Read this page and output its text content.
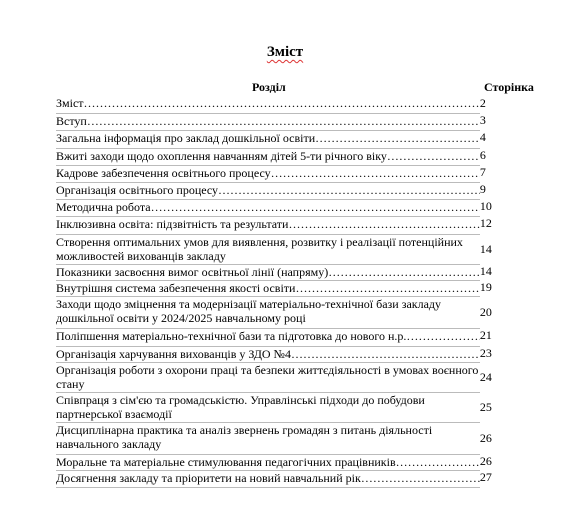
Зміст
Розділ	Сторінка
Зміст ………………………………………………………………………………………………………………………………………………………………………………………………………	2

Вступ ………………………………………………………………………………………………………………………………………………………………………………………………………	3

Загальна інформація про заклад дошкільної освіти ………………………………………………………………………………………………………………………………………………………………………………………………………	4

Вжиті заходи щодо охоплення навчанням дітей 5-ти річного віку ………………………………………………………………………………………………………………………………………………………………………………………………………	6

Кадрове забезпечення освітнього процесу ………………………………………………………………………………………………………………………………………………………………………………………………………	7

Організація освітнього процесу ………………………………………………………………………………………………………………………………………………………………………………………………………	9

Методична робота ………………………………………………………………………………………………………………………………………………………………………………………………………	10

Інклюзивна освіта: підзвітність та результати ………………………………………………………………………………………………………………………………………………………………………………………………………	12

Створення оптимальних умов для виявлення, розвитку і реалізації потенційних можливостей вихованців закладу	14

Показники засвоєння вимог освітньої лінії (напряму) ………………………………………………………………………………………………………………………………………………………………………………………………………	14

Внутрішня система забезпечення якості освіти ………………………………………………………………………………………………………………………………………………………………………………………………………	19

Заходи щодо зміцнення та модернізації матеріально-технічної бази закладу дошкільної освіти у 2024/2025 навчальному році	20

Поліпшення матеріально-технічної бази та підготовка до нового н.р. ………………………………………………………………………………………………………………………………………………………………………………………………………	21

Організація харчування вихованців у ЗДО №4 ………………………………………………………………………………………………………………………………………………………………………………………………………	23

Організація роботи з охорони праці та безпеки життєдіяльності в умовах воєнного стану	24

Співпраця з сім'єю та громадськістю. Управлінські підходи до побудови партнерської взаємодії	25

Дисциплінарна практика та аналіз звернень громадян з питань діяльності навчального закладу	26

Моральне та матеріальне стимулювання педагогічних працівників ………………………………………………………………………………………………………………………………………………………………………………………………………	26

Досягнення закладу та пріоритети на новий навчальний рік ………………………………………………………………………………………………………………………………………………………………………………………………………	27
